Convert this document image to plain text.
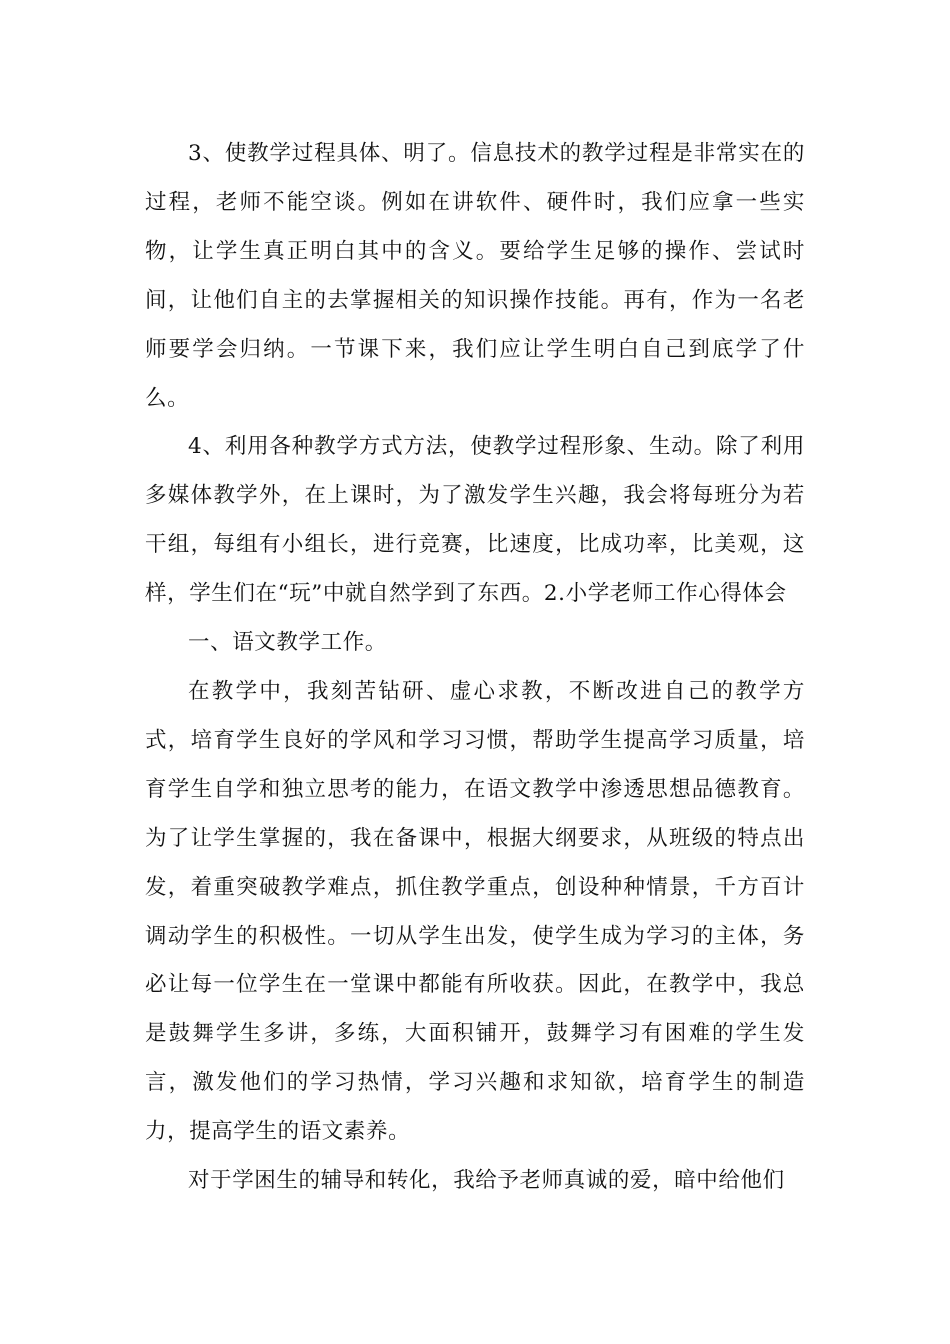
3、使教学过程具体、明了。信息技术的教学过程是非常实在的过程，老师不能空谈。例如在讲软件、硬件时，我们应拿一些实物，让学生真正明白其中的含义。要给学生足够的操作、尝试时间，让他们自主的去掌握相关的知识操作技能。再有，作为一名老师要学会归纳。一节课下来，我们应让学生明白自己到底学了什么。

4、利用各种教学方式方法，使教学过程形象、生动。除了利用多媒体教学外，在上课时，为了激发学生兴趣，我会将每班分为若干组，每组有小组长，进行竞赛，比速度，比成功率，比美观，这样，学生们在“玩”中就自然学到了东西。2.小学老师工作心得体会

一、语文教学工作。

在教学中，我刻苦钻研、虚心求教，不断改进自己的教学方式，培育学生良好的学风和学习习惯，帮助学生提高学习质量，培育学生自学和独立思考的能力，在语文教学中渗透思想品德教育。为了让学生掌握的，我在备课中，根据大纲要求，从班级的特点出发，着重突破教学难点，抓住教学重点，创设种种情景，千方百计调动学生的积极性。一切从学生出发，使学生成为学习的主体，务必让每一位学生在一堂课中都能有所收获。因此，在教学中，我总是鼓舞学生多讲，多练，大面积铺开，鼓舞学习有困难的学生发言，激发他们的学习热情，学习兴趣和求知欲，培育学生的制造力，提高学生的语文素养。

对于学困生的辅导和转化，我给予老师真诚的爱，暗中给他们
